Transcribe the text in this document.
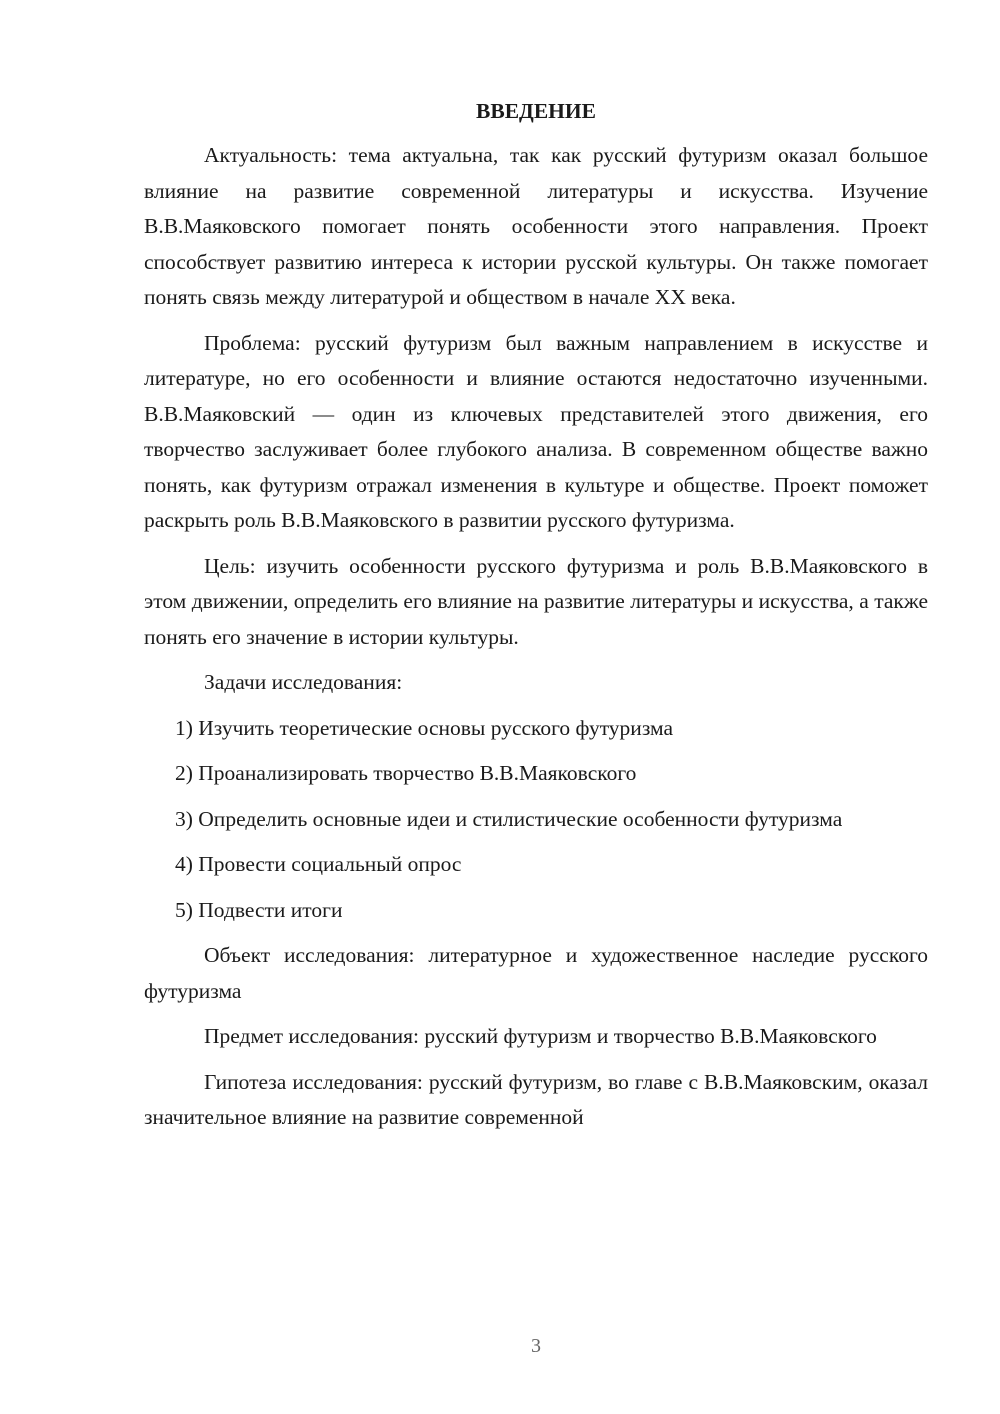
ВВЕДЕНИЕ

Актуальность: тема актуальна, так как русский футуризм оказал большое влияние на развитие современной литературы и искусства. Изучение В.В.Маяковского помогает понять особенности этого направления. Проект способствует развитию интереса к истории русской культуры. Он также помогает понять связь между литературой и обществом в начале XX века.

Проблема: русский футуризм был важным направлением в искусстве и литературе, но его особенности и влияние остаются недостаточно изученными. В.В.Маяковский — один из ключевых представителей этого движения, его творчество заслуживает более глубокого анализа. В современном обществе важно понять, как футуризм отражал изменения в культуре и обществе. Проект поможет раскрыть роль В.В.Маяковского в развитии русского футуризма.

Цель: изучить особенности русского футуризма и роль В.В.Маяковского в этом движении, определить его влияние на развитие литературы и искусства, а также понять его значение в истории культуры.

Задачи исследования:

1) Изучить теоретические основы русского футуризма
2) Проанализировать творчество В.В.Маяковского
3) Определить основные идеи и стилистические особенности футуризма
4) Провести социальный опрос
5) Подвести итоги

Объект исследования: литературное и художественное наследие русского футуризма

Предмет исследования: русский футуризм и творчество В.В.Маяковского

Гипотеза исследования: русский футуризм, во главе с В.В.Маяковским, оказал значительное влияние на развитие современной

3
